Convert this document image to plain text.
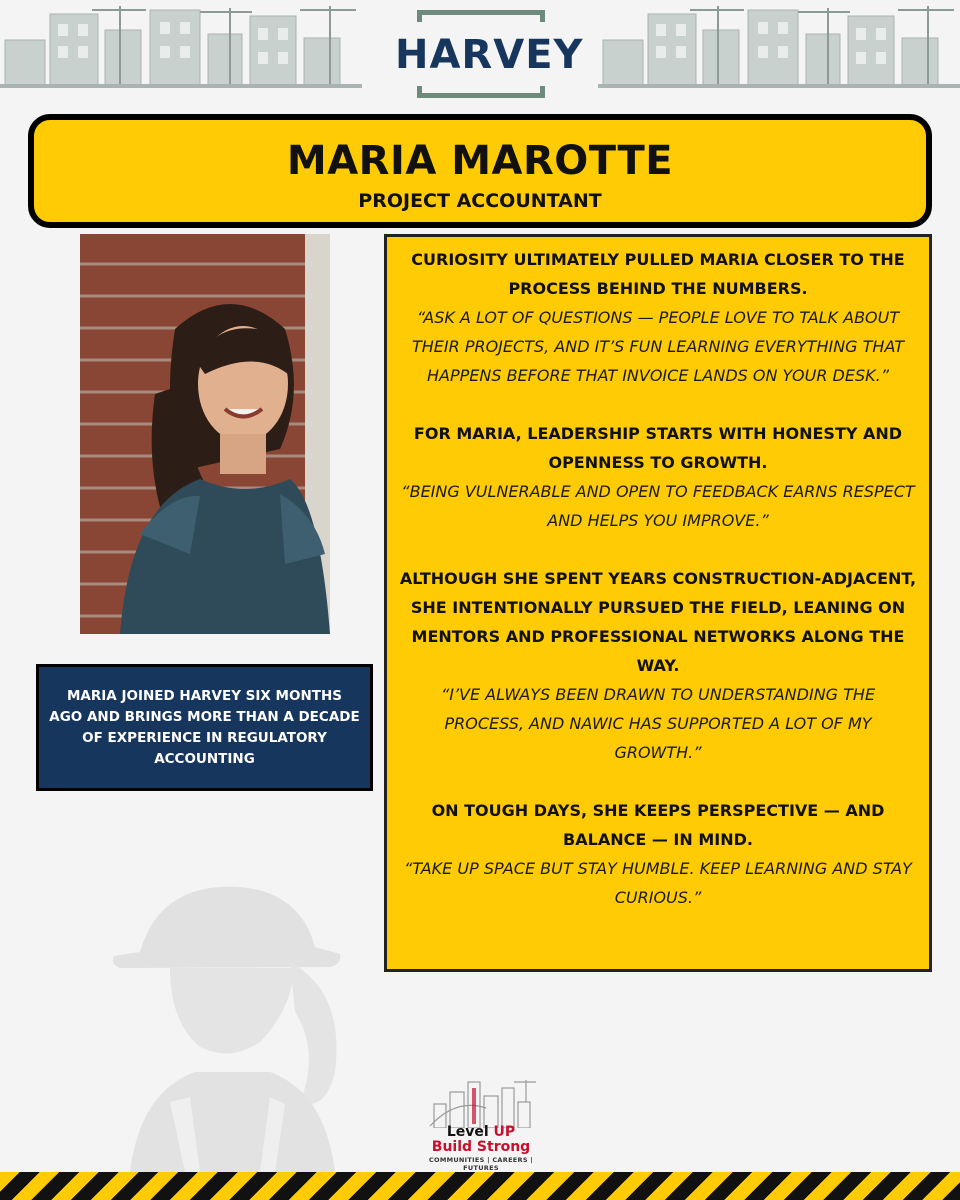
HARVEY
MARIA MAROTTE
PROJECT ACCOUNTANT

MARIA JOINED HARVEY SIX MONTHS AGO AND BRINGS MORE THAN A DECADE OF EXPERIENCE IN REGULATORY ACCOUNTING

CURIOSITY ULTIMATELY PULLED MARIA CLOSER TO THE PROCESS BEHIND THE NUMBERS.

“ASK A LOT OF QUESTIONS — PEOPLE LOVE TO TALK ABOUT THEIR PROJECTS, AND IT’S FUN LEARNING EVERYTHING THAT HAPPENS BEFORE THAT INVOICE LANDS ON YOUR DESK.”

FOR MARIA, LEADERSHIP STARTS WITH HONESTY AND OPENNESS TO GROWTH.

“BEING VULNERABLE AND OPEN TO FEEDBACK EARNS RESPECT AND HELPS YOU IMPROVE.”

ALTHOUGH SHE SPENT YEARS CONSTRUCTION-ADJACENT, SHE INTENTIONALLY PURSUED THE FIELD, LEANING ON MENTORS AND PROFESSIONAL NETWORKS ALONG THE WAY.

“I’VE ALWAYS BEEN DRAWN TO UNDERSTANDING THE PROCESS, AND NAWIC HAS SUPPORTED A LOT OF MY GROWTH.”

ON TOUGH DAYS, SHE KEEPS PERSPECTIVE — AND BALANCE — IN MIND.

“TAKE UP SPACE BUT STAY HUMBLE. KEEP LEARNING AND STAY CURIOUS.”

Level UP
Build Strong
COMMUNITIES | CAREERS | FUTURES
